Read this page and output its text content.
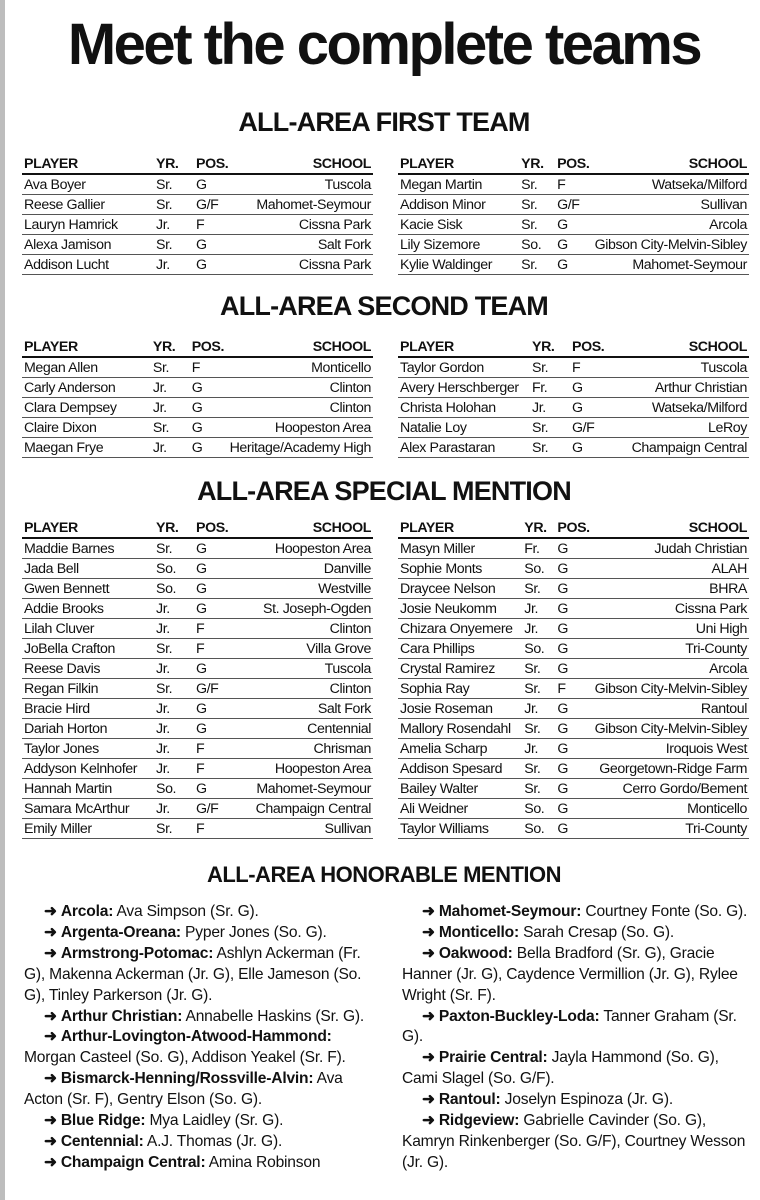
Meet the complete teams
ALL-AREA FIRST TEAM
PLAYER	YR.	POS.	SCHOOL
Ava Boyer	Sr.	G	Tuscola
Reese Gallier	Sr.	G/F	Mahomet-Seymour
Lauryn Hamrick	Jr.	F	Cissna Park
Alexa Jamison	Sr.	G	Salt Fork
Addison Lucht	Jr.	G	Cissna Park
PLAYER	YR.	POS.	SCHOOL
Megan Martin	Sr.	F	Watseka/Milford
Addison Minor	Sr.	G/F	Sullivan
Kacie Sisk	Sr.	G	Arcola
Lily Sizemore	So.	G	Gibson City-Melvin-Sibley
Kylie Waldinger	Sr.	G	Mahomet-Seymour
ALL-AREA SECOND TEAM
PLAYER	YR.	POS.	SCHOOL
Megan Allen	Sr.	F	Monticello
Carly Anderson	Jr.	G	Clinton
Clara Dempsey	Jr.	G	Clinton
Claire Dixon	Sr.	G	Hoopeston Area
Maegan Frye	Jr.	G	Heritage/Academy High
PLAYER	YR.	POS.	SCHOOL
Taylor Gordon	Sr.	F	Tuscola
Avery Herschberger	Fr.	G	Arthur Christian
Christa Holohan	Jr.	G	Watseka/Milford
Natalie Loy	Sr.	G/F	LeRoy
Alex Parastaran	Sr.	G	Champaign Central
ALL-AREA SPECIAL MENTION
PLAYER	YR.	POS.	SCHOOL
Maddie Barnes	Sr.	G	Hoopeston Area
Jada Bell	So.	G	Danville
Gwen Bennett	So.	G	Westville
Addie Brooks	Jr.	G	St. Joseph-Ogden
Lilah Cluver	Jr.	F	Clinton
JoBella Crafton	Sr.	F	Villa Grove
Reese Davis	Jr.	G	Tuscola
Regan Filkin	Sr.	G/F	Clinton
Bracie Hird	Jr.	G	Salt Fork
Dariah Horton	Jr.	G	Centennial
Taylor Jones	Jr.	F	Chrisman
Addyson Kelnhofer	Jr.	F	Hoopeston Area
Hannah Martin	So.	G	Mahomet-Seymour
Samara McArthur	Jr.	G/F	Champaign Central
Emily Miller	Sr.	F	Sullivan
PLAYER	YR.	POS.	SCHOOL
Masyn Miller	Fr.	G	Judah Christian
Sophie Monts	So.	G	ALAH
Draycee Nelson	Sr.	G	BHRA
Josie Neukomm	Jr.	G	Cissna Park
Chizara Onyemere	Jr.	G	Uni High
Cara Phillips	So.	G	Tri-County
Crystal Ramirez	Sr.	G	Arcola
Sophia Ray	Sr.	F	Gibson City-Melvin-Sibley
Josie Roseman	Jr.	G	Rantoul
Mallory Rosendahl	Sr.	G	Gibson City-Melvin-Sibley
Amelia Scharp	Jr.	G	Iroquois West
Addison Spesard	Sr.	G	Georgetown-Ridge Farm
Bailey Walter	Sr.	G	Cerro Gordo/Bement
Ali Weidner	So.	G	Monticello
Taylor Williams	So.	G	Tri-County
ALL-AREA HONORABLE MENTION

➜ Arcola: Ava Simpson (Sr. G).

➜ Argenta-Oreana: Pyper Jones (So. G).

➜ Armstrong-Potomac: Ashlyn Ackerman (Fr. G), Makenna Ackerman (Jr. G), Elle Jameson (So. G), Tinley Parkerson (Jr. G).

➜ Arthur Christian: Annabelle Haskins (Sr. G).

➜ Arthur-Lovington-Atwood-Hammond: Morgan Casteel (So. G), Addison Yeakel (Sr. F).

➜ Bismarck-Henning/Rossville-Alvin: Ava Acton (Sr. F), Gentry Elson (So. G).

➜ Blue Ridge: Mya Laidley (Sr. G).

➜ Centennial: A.J. Thomas (Jr. G).

➜ Champaign Central: Amina Robinson

➜ Mahomet-Seymour: Courtney Fonte (So. G).

➜ Monticello: Sarah Cresap (So. G).

➜ Oakwood: Bella Bradford (Sr. G), Gracie Hanner (Jr. G), Caydence Vermillion (Jr. G), Rylee Wright (Sr. F).

➜ Paxton-Buckley-Loda: Tanner Graham (Sr. G).

➜ Prairie Central: Jayla Hammond (So. G), Cami Slagel (So. G/F).

➜ Rantoul: Joselyn Espinoza (Jr. G).

➜ Ridgeview: Gabrielle Cavinder (So. G), Kamryn Rinkenberger (So. G/F), Courtney Wesson (Jr. G).
